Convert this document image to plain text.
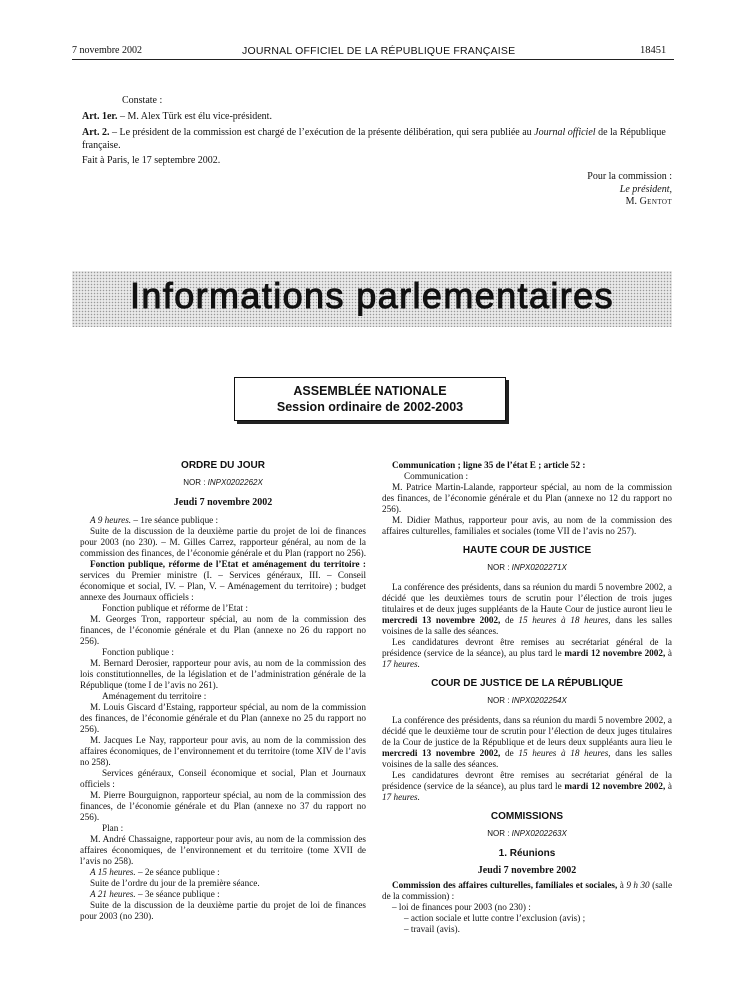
7 novembre 2002	JOURNAL OFFICIEL DE LA RÉPUBLIQUE FRANÇAISE	18451
Constate :
Art. 1er. – M. Alex Türk est élu vice-président.
Art. 2. – Le président de la commission est chargé de l’exécution de la présente délibération, qui sera publiée au Journal officiel de la République française.
Fait à Paris, le 17 septembre 2002.
Pour la commission :
Le président,
M. Gentot
Informations parlementaires
ASSEMBLÉE NATIONALE
Session ordinaire de 2002-2003
ORDRE DU JOUR
NOR : INPX0202262X
Jeudi 7 novembre 2002

A 9 heures. – 1re séance publique :

Suite de la discussion de la deuxième partie du projet de loi de finances pour 2003 (no 230). – M. Gilles Carrez, rapporteur général, au nom de la commission des finances, de l’économie générale et du Plan (rapport no 256).

Fonction publique, réforme de l’Etat et aménagement du territoire : services du Premier ministre (I. – Services généraux, III. – Conseil économique et social, IV. – Plan, V. – Aménagement du territoire) ; budget annexe des Journaux officiels :

Fonction publique et réforme de l’Etat :

M. Georges Tron, rapporteur spécial, au nom de la commission des finances, de l’économie générale et du Plan (annexe no 26 du rapport no 256).

Fonction publique :

M. Bernard Derosier, rapporteur pour avis, au nom de la commission des lois constitutionnelles, de la législation et de l’administration générale de la République (tome I de l’avis no 261).

Aménagement du territoire :

M. Louis Giscard d’Estaing, rapporteur spécial, au nom de la commission des finances, de l’économie générale et du Plan (annexe no 25 du rapport no 256).

M. Jacques Le Nay, rapporteur pour avis, au nom de la commission des affaires économiques, de l’environnement et du territoire (tome XIV de l’avis no 258).

Services généraux, Conseil économique et social, Plan et Journaux officiels :

M. Pierre Bourguignon, rapporteur spécial, au nom de la commission des finances, de l’économie générale et du Plan (annexe no 37 du rapport no 256).

Plan :

M. André Chassaigne, rapporteur pour avis, au nom de la commission des affaires économiques, de l’environnement et du territoire (tome XVII de l’avis no 258).

A 15 heures. – 2e séance publique :

Suite de l’ordre du jour de la première séance.

A 21 heures. – 3e séance publique :

Suite de la discussion de la deuxième partie du projet de loi de finances pour 2003 (no 230).

Communication ; ligne 35 de l’état E ; article 52 :

Communication :

M. Patrice Martin-Lalande, rapporteur spécial, au nom de la commission des finances, de l’économie générale et du Plan (annexe no 12 du rapport no 256).

M. Didier Mathus, rapporteur pour avis, au nom de la commission des affaires culturelles, familiales et sociales (tome VII de l’avis no 257).

HAUTE COUR DE JUSTICE
NOR : INPX0202271X

La conférence des présidents, dans sa réunion du mardi 5 novembre 2002, a décidé que les deuxièmes tours de scrutin pour l’élection de trois juges titulaires et de deux juges suppléants de la Haute Cour de justice auront lieu le mercredi 13 novembre 2002, de 15 heures à 18 heures, dans les salles voisines de la salle des séances.

Les candidatures devront être remises au secrétariat général de la présidence (service de la séance), au plus tard le mardi 12 novembre 2002, à 17 heures.

COUR DE JUSTICE DE LA RÉPUBLIQUE
NOR : INPX0202254X

La conférence des présidents, dans sa réunion du mardi 5 novembre 2002, a décidé que le deuxième tour de scrutin pour l’élection de deux juges titulaires de la Cour de justice de la République et de leurs deux suppléants aura lieu le mercredi 13 novembre 2002, de 15 heures à 18 heures, dans les salles voisines de la salle des séances.

Les candidatures devront être remises au secrétariat général de la présidence (service de la séance), au plus tard le mardi 12 novembre 2002, à 17 heures.

COMMISSIONS
NOR : INPX0202263X
1. Réunions
Jeudi 7 novembre 2002

Commission des affaires culturelles, familiales et sociales, à 9 h 30 (salle de la commission) :

– loi de finances pour 2003 (no 230) :

– action sociale et lutte contre l’exclusion (avis) ;

– travail (avis).
